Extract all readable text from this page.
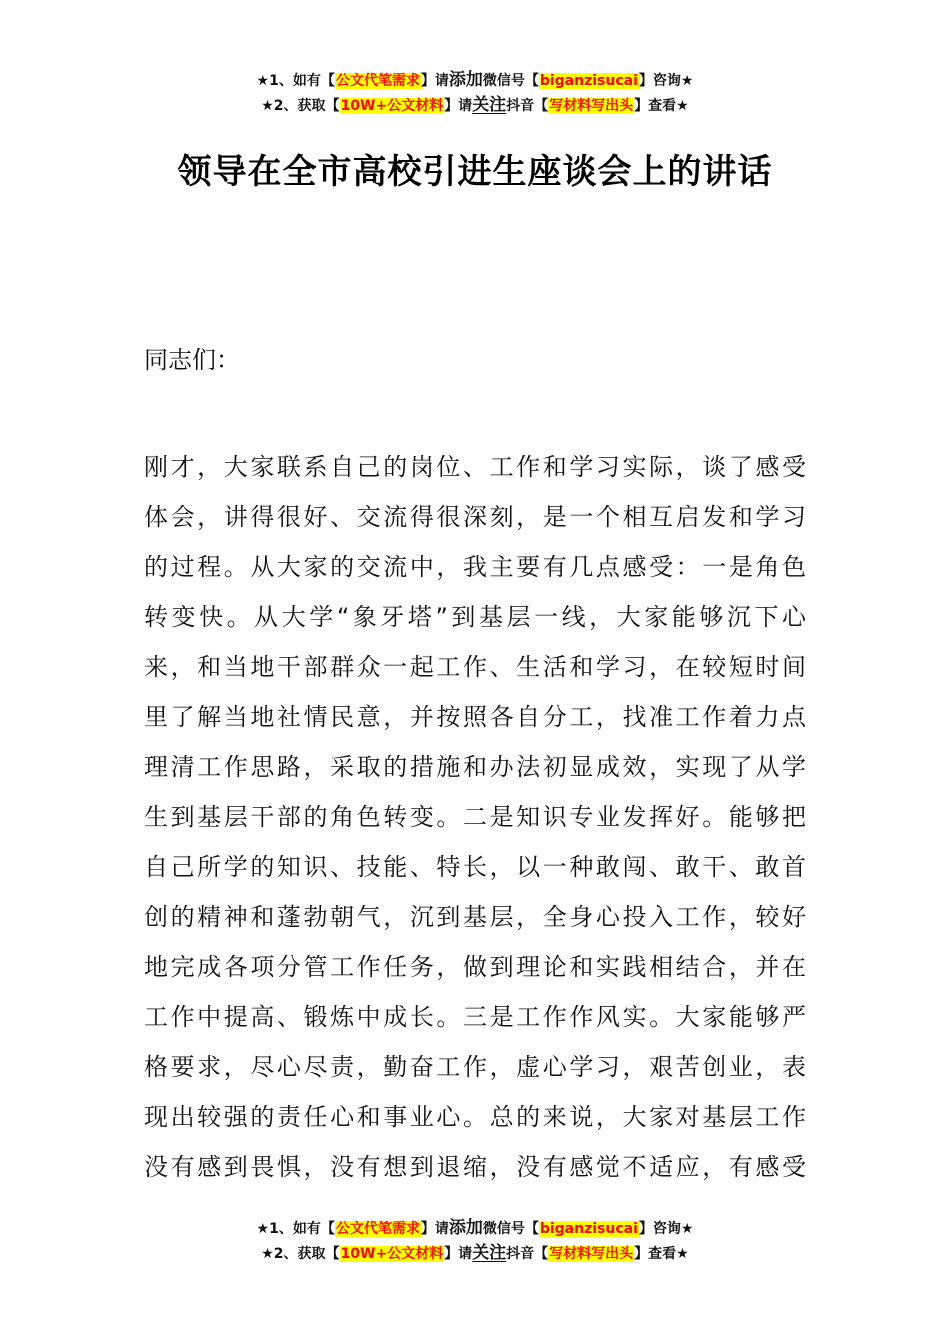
★1、如有【公文代笔需求】请添加微信号【biganzisucai】咨询★
★2、获取【10W+公文材料】请关注抖音【写材料写出头】查看★
领导在全市高校引进生座谈会上的讲话
同志们：
刚才，大家联系自己的岗位、工作和学习实际，谈了感受
体会，讲得很好、交流得很深刻，是一个相互启发和学习
的过程。从大家的交流中，我主要有几点感受：一是角色
转变快。从大学“象牙塔”到基层一线，大家能够沉下心
来，和当地干部群众一起工作、生活和学习，在较短时间
里了解当地社情民意，并按照各自分工，找准工作着力点
理清工作思路，采取的措施和办法初显成效，实现了从学
生到基层干部的角色转变。二是知识专业发挥好。能够把
自己所学的知识、技能、特长，以一种敢闯、敢干、敢首
创的精神和蓬勃朝气，沉到基层，全身心投入工作，较好
地完成各项分管工作任务，做到理论和实践相结合，并在
工作中提高、锻炼中成长。三是工作作风实。大家能够严
格要求，尽心尽责，勤奋工作，虚心学习，艰苦创业，表
现出较强的责任心和事业心。总的来说，大家对基层工作
没有感到畏惧，没有想到退缩，没有感觉不适应，有感受
★1、如有【公文代笔需求】请添加微信号【biganzisucai】咨询★
★2、获取【10W+公文材料】请关注抖音【写材料写出头】查看★
